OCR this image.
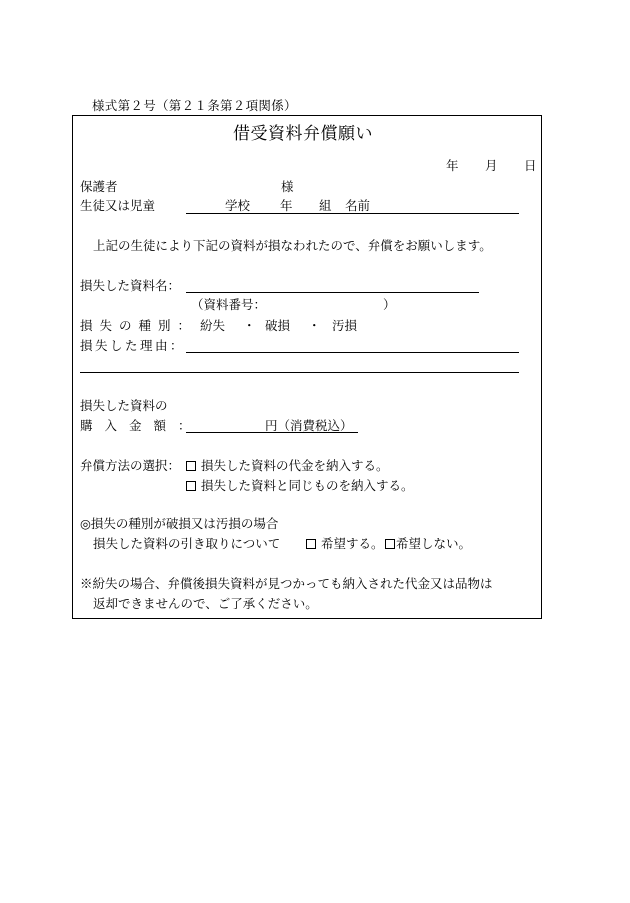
様式第２号（第２１条第２項関係）
借受資料弁償願い
年 月 日
保護者	様
生徒又は児童	学校 年 組 名前
上記の生徒により下記の資料が損なわれたので、弁償をお願いします。
損失した資料名：
（資料番号：	）
損失の種別： 紛失 ・ 破損 ・ 汚損
損失した理由：
損失した資料の
購入金額：	円（消費税込）
弁償方法の選択：	損失した資料の代金を納入する。
損失した資料と同じものを納入する。
◎損失の種別が破損又は汚損の場合
損失した資料の引き取りについて	希望する。 希望しない。
※紛失の場合、弁償後損失資料が見つかっても納入された代金又は品物は
返却できませんので、ご了承ください。
